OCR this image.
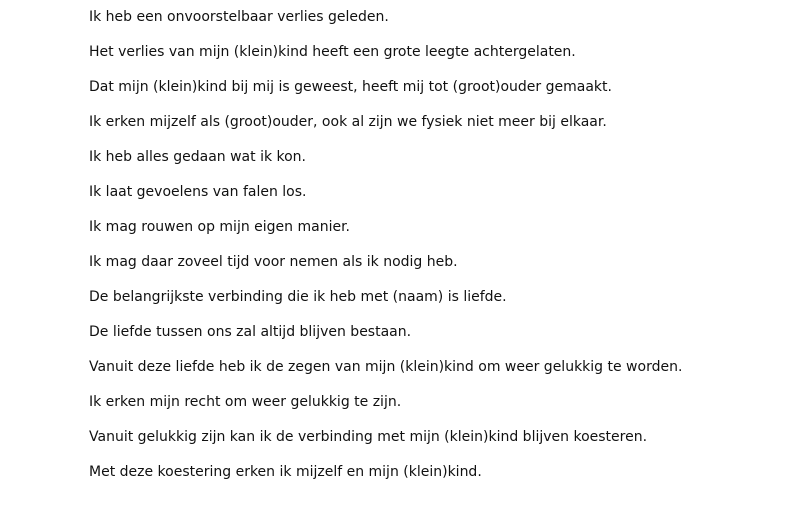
Ik heb een onvoorstelbaar verlies geleden.

Het verlies van mijn (klein)kind heeft een grote leegte achtergelaten.

Dat mijn (klein)kind bij mij is geweest, heeft mij tot (groot)ouder gemaakt.

Ik erken mijzelf als (groot)ouder, ook al zijn we fysiek niet meer bij elkaar.

Ik heb alles gedaan wat ik kon.

Ik laat gevoelens van falen los.

Ik mag rouwen op mijn eigen manier.

Ik mag daar zoveel tijd voor nemen als ik nodig heb.

De belangrijkste verbinding die ik heb met (naam) is liefde.

De liefde tussen ons zal altijd blijven bestaan.

Vanuit deze liefde heb ik de zegen van mijn (klein)kind om weer gelukkig te worden.

Ik erken mijn recht om weer gelukkig te zijn.

Vanuit gelukkig zijn kan ik de verbinding met mijn (klein)kind blijven koesteren.

Met deze koestering erken ik mijzelf en mijn (klein)kind.
